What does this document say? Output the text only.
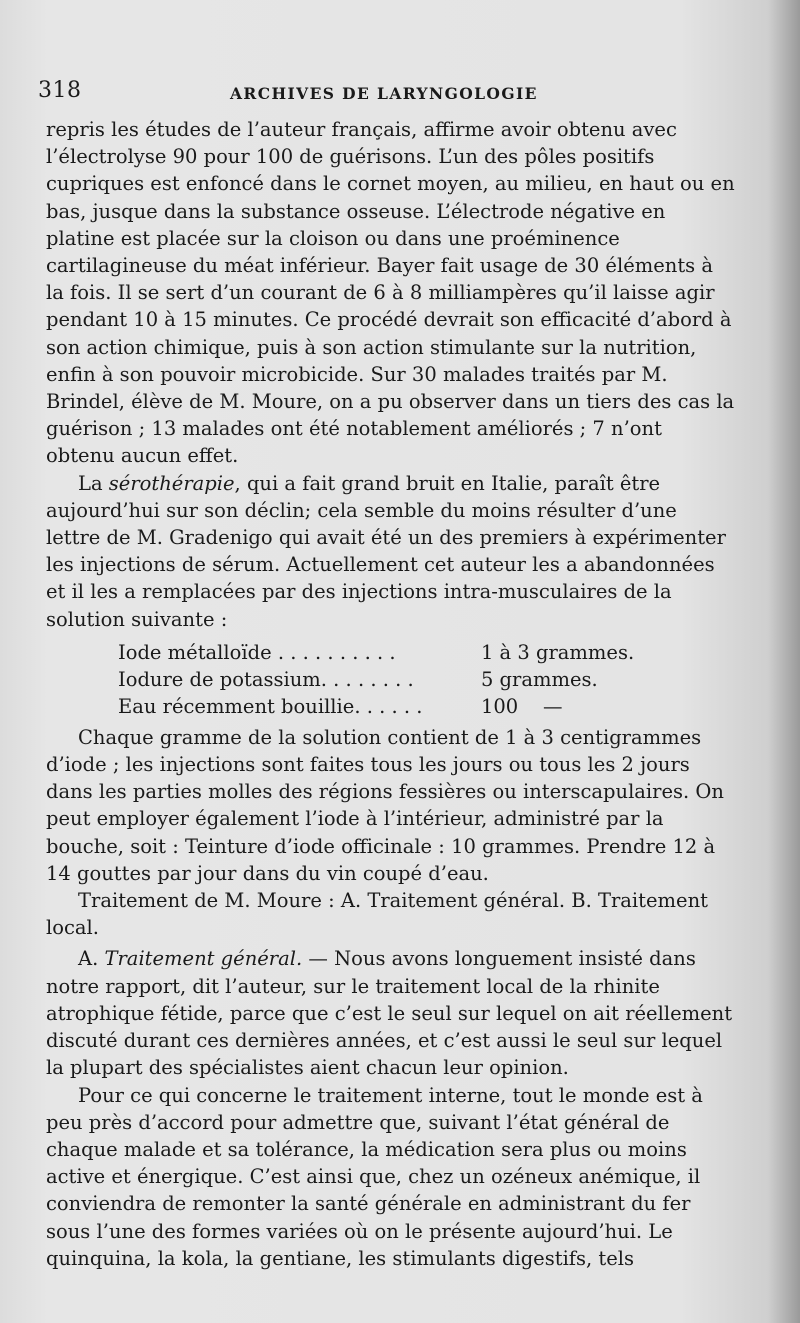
318	ARCHIVES DE LARYNGOLOGIE

repris les études de l’auteur français, affirme avoir obtenu avec l’électrolyse 90 pour 100 de guérisons. L’un des pôles positifs cupriques est enfoncé dans le cornet moyen, au milieu, en haut ou en bas, jusque dans la substance osseuse. L’électrode négative en platine est placée sur la cloison ou dans une proéminence cartilagineuse du méat inférieur. Bayer fait usage de 30 éléments à la fois. Il se sert d’un courant de 6 à 8 milliampères qu’il laisse agir pendant 10 à 15 minutes. Ce procédé devrait son efficacité d’abord à son action chimique, puis à son action stimulante sur la nutrition, enfin à son pouvoir microbicide. Sur 30 malades traités par M. Brindel, élève de M. Moure, on a pu observer dans un tiers des cas la guérison ; 13 malades ont été notablement améliorés ; 7 n’ont obtenu aucun effet.

La sérothérapie, qui a fait grand bruit en Italie, paraît être aujourd’hui sur son déclin; cela semble du moins résulter d’une lettre de M. Gradenigo qui avait été un des premiers à expérimenter les injections de sérum. Actuellement cet auteur les a abandonnées et il les a remplacées par des injections intra-musculaires de la solution suivante :

Iode métalloïde . . . . . . . . . .	1 à 3 grammes.
Iodure de potassium. . . . . . . .	5 grammes.
Eau récemment bouillie. . . . . .	100    —

Chaque gramme de la solution contient de 1 à 3 centigrammes d’iode ; les injections sont faites tous les jours ou tous les 2 jours dans les parties molles des régions fessières ou interscapulaires. On peut employer également l’iode à l’intérieur, administré par la bouche, soit : Teinture d’iode officinale : 10 grammes. Prendre 12 à 14 gouttes par jour dans du vin coupé d’eau.

Traitement de M. Moure : A. Traitement général. B. Traitement local.

A. Traitement général. — Nous avons longuement insisté dans notre rapport, dit l’auteur, sur le traitement local de la rhinite atrophique fétide, parce que c’est le seul sur lequel on ait réellement discuté durant ces dernières années, et c’est aussi le seul sur lequel la plupart des spécialistes aient chacun leur opinion.

Pour ce qui concerne le traitement interne, tout le monde est à peu près d’accord pour admettre que, suivant l’état général de chaque malade et sa tolérance, la médication sera plus ou moins active et énergique. C’est ainsi que, chez un ozéneux anémique, il conviendra de remonter la santé générale en administrant du fer sous l’une des formes variées où on le présente aujourd’hui. Le quinquina, la kola, la gentiane, les stimulants digestifs, tels
